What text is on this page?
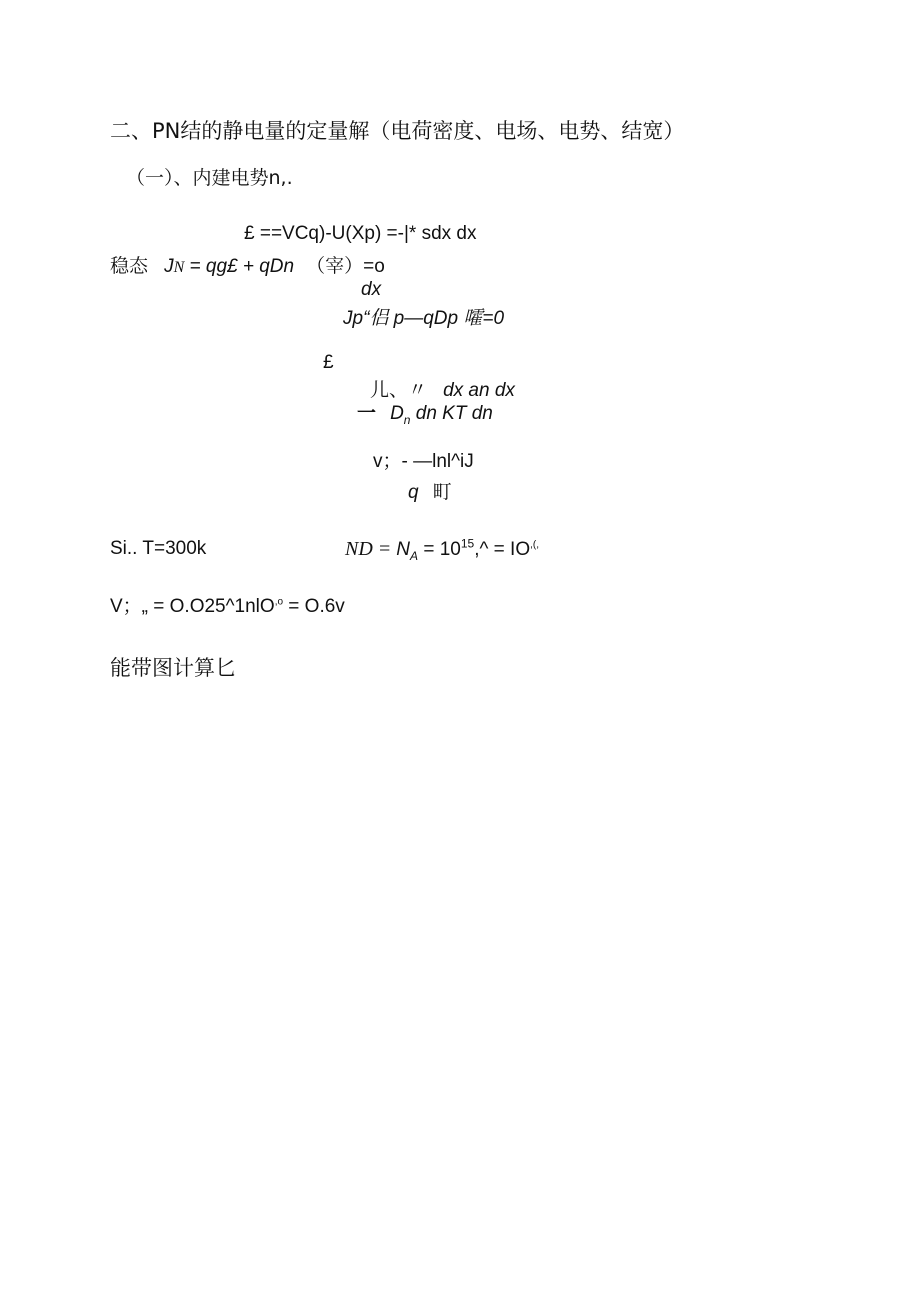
二、PN结的静电量的定量解（电荷密度、电场、电势、结宽）
（一）、内建电势n,.
£ ==VCq)-U(Xp) =-|* sdx dx
稳态 JN = qg£ + qDn （宰）=o
dx
Jp“侣 p—qDp 嚯=0
£
儿、〃 dx an dx
一 $D_n$ dn KT dn
v；- —lnl^iJ
q 町
Si.. T=300k	ND = $N_A$ = $10^{15},\^{} = IO^{,(,}$
V；„ = O.O25^1nlO$^{,o}$ = O.6v
能带图计算匕
